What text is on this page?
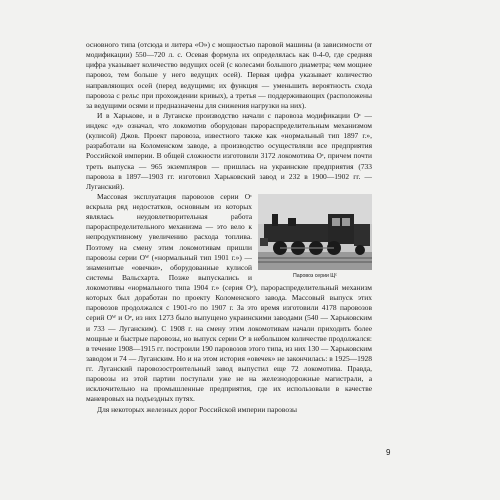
основного типа (отсюда и литера «О») с мощностью паровой машины (в зависимости от модификации) 550—720 л. с. Осевая формула их определялась как 0-4-0, где средняя цифра указывает количество ведущих осей (с колесами большого диаметра; чем мощнее паровоз, тем больше у него ведущих осей). Первая цифра указывает количество направляющих осей (перед ведущими; их функция — уменьшить вероятность схода паровоза с рельс при прохождении кривых), а третья — поддерживающих (расположены за ведущими осями и предназначены для снижения нагрузки на них).

И в Харькове, и в Луганске производство начали с паровоза модификации Оᶜ — индекс «д» означал, что локомотив оборудован парораспределительным механизмом (кулисой) Джов. Проект паровоза, известного также как «нормальный тип 1897 г.», разработали на Коломенском заводе, а производство осуществляли все предприятия Российской империи. В общей сложности изготовили 3172 локомотива Оᶜ, причем почти треть выпуска — 965 экземпляров — пришлась на украинские предприятия (733 паровоза в 1897—1903 гг. изготовил Харьковский завод и 232 в 1900—1902 гг. — Луганский).

Паровоз серии Щᶜ

Массовая эксплуатация паровозов серии Оᶜ вскрыла ряд недостатков, основным из которых являлась неудовлетворительная работа парораспределительного механизма — это вело к непродуктивному увеличению расхода топлива. Поэтому на смену этим локомотивам пришли паровозы серии Оᵂ («нормальный тип 1901 г.») — знаменитые «овечки», оборудованные кулисой системы Вальсхарта. Позже выпускались и локомотивы «нормального типа 1904 г.» (серия Оᵉ), парораспределительный механизм которых был доработан по проекту Коломенского завода. Массовый выпуск этих паровозов продолжался с 1901-го по 1907 г. За это время изготовили 4178 паровозов серий Оᵂ и Оᵉ, из них 1273 было выпущено украинскими заводами (540 — Харьковским и 733 — Луганским). С 1908 г. на смену этим локомотивам начали приходить более мощные и быстрые паровозы, но выпуск серии Оᵉ в небольшом количестве продолжался: в течение 1908—1915 гг. построили 190 паровозов этого типа, из них 130 — Харьковским заводом и 74 — Луганским. Но и на этом история «овечек» не закончилась: в 1925—1928 гг. Луганский паровозостроительный завод выпустил еще 72 локомотива. Правда, паровозы из этой партии поступали уже не на железнодорожные магистрали, а исключительно на промышленные предприятия, где их использовали в качестве маневровых на подъездных путях.

Для некоторых железных дорог Российской империи паровозы

9
